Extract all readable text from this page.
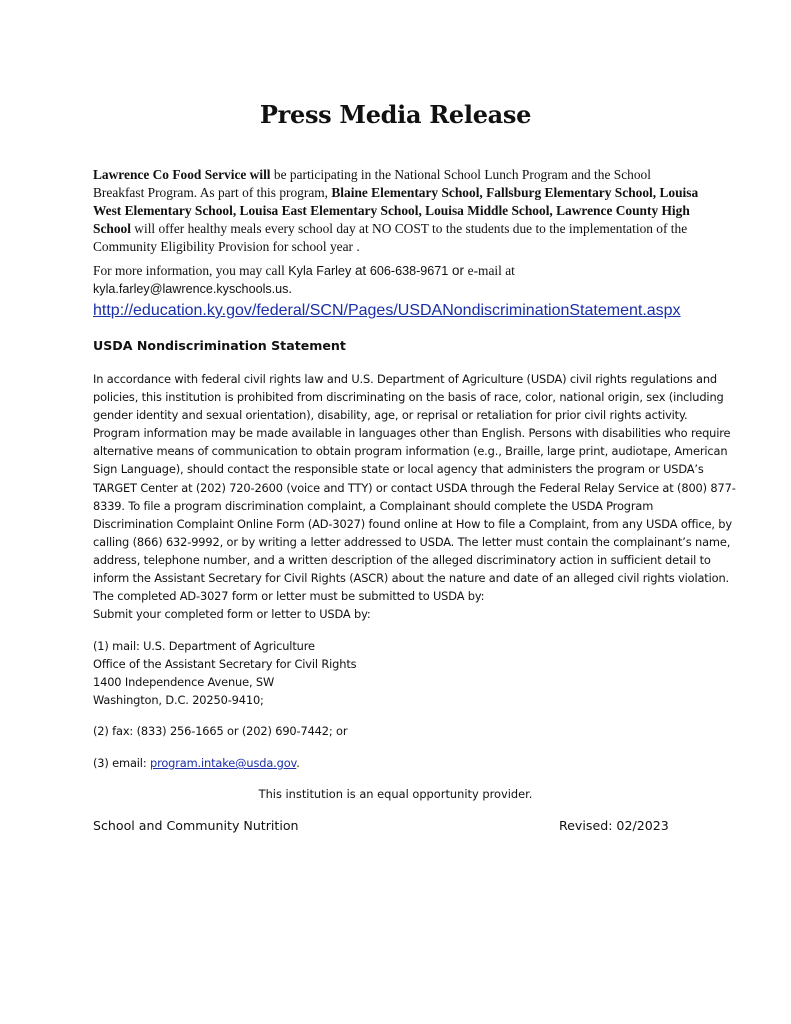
Press Media Release
Lawrence Co Food Service will be participating in the National School Lunch Program and the School Breakfast Program. As part of this program, Blaine Elementary School, Fallsburg Elementary School, Louisa West Elementary School, Louisa East Elementary School, Louisa Middle School, Lawrence County High School will offer healthy meals every school day at NO COST to the students due to the implementation of the Community Eligibility Provision for school year .
For more information, you may call Kyla Farley at 606-638-9671 or e-mail at kyla.farley@lawrence.kyschools.us.
http://education.ky.gov/federal/SCN/Pages/USDANondiscriminationStatement.aspx
USDA Nondiscrimination Statement
In accordance with federal civil rights law and U.S. Department of Agriculture (USDA) civil rights regulations and
policies, this institution is prohibited from discriminating on the basis of race, color, national origin, sex (including
gender identity and sexual orientation), disability, age, or reprisal or retaliation for prior civil rights activity.
Program information may be made available in languages other than English. Persons with disabilities who require
alternative means of communication to obtain program information (e.g., Braille, large print, audiotape, American
Sign Language), should contact the responsible state or local agency that administers the program or USDA’s
TARGET Center at (202) 720-2600 (voice and TTY) or contact USDA through the Federal Relay Service at (800) 877-
8339. To file a program discrimination complaint, a Complainant should complete the USDA Program
Discrimination Complaint Online Form (AD-3027) found online at How to file a Complaint, from any USDA office, by
calling (866) 632-9992, or by writing a letter addressed to USDA. The letter must contain the complainant’s name,
address, telephone number, and a written description of the alleged discriminatory action in sufficient detail to
inform the Assistant Secretary for Civil Rights (ASCR) about the nature and date of an alleged civil rights violation.
The completed AD-3027 form or letter must be submitted to USDA by:
Submit your completed form or letter to USDA by:
(1) mail: U.S. Department of Agriculture
Office of the Assistant Secretary for Civil Rights
1400 Independence Avenue, SW
Washington, D.C. 20250-9410;
(2) fax: (833) 256-1665 or (202) 690-7442; or
(3) email: program.intake@usda.gov.
This institution is an equal opportunity provider.
School and Community Nutrition	Revised: 02/2023
